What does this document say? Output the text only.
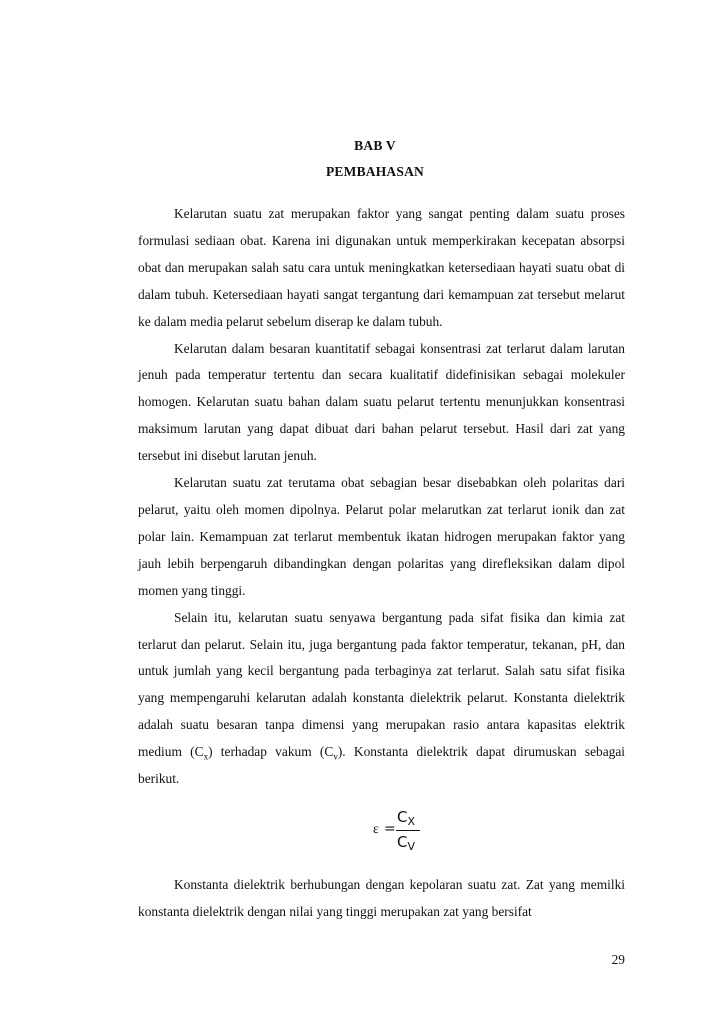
BAB V
PEMBAHASAN

Kelarutan suatu zat merupakan faktor yang sangat penting dalam suatu proses formulasi sediaan obat. Karena ini digunakan untuk memperkirakan kecepatan absorpsi obat dan merupakan salah satu cara untuk meningkatkan ketersediaan hayati suatu obat di dalam tubuh. Ketersediaan hayati sangat tergantung dari kemampuan zat tersebut melarut ke dalam media pelarut sebelum diserap ke dalam tubuh.

Kelarutan dalam besaran kuantitatif sebagai konsentrasi zat terlarut dalam larutan jenuh pada temperatur tertentu dan secara kualitatif didefinisikan sebagai molekuler homogen. Kelarutan suatu bahan dalam suatu pelarut tertentu menunjukkan konsentrasi maksimum larutan yang dapat dibuat dari bahan pelarut tersebut. Hasil dari zat yang tersebut ini disebut larutan jenuh.

Kelarutan suatu zat terutama obat sebagian besar disebabkan oleh polaritas dari pelarut, yaitu oleh momen dipolnya. Pelarut polar melarutkan zat terlarut ionik dan zat polar lain. Kemampuan zat terlarut membentuk ikatan hidrogen merupakan faktor yang jauh lebih berpengaruh dibandingkan dengan polaritas yang direfleksikan dalam dipol momen yang tinggi.

Selain itu, kelarutan suatu senyawa bergantung pada sifat fisika dan kimia zat terlarut dan pelarut. Selain itu, juga bergantung pada faktor temperatur, tekanan, pH, dan untuk jumlah yang kecil bergantung pada terbaginya zat terlarut. Salah satu sifat fisika yang mempengaruhi kelarutan adalah konstanta dielektrik pelarut. Konstanta dielektrik adalah suatu besaran tanpa dimensi yang merupakan rasio antara kapasitas elektrik medium $(C_x)$ terhadap vakum $(C_v)$. Konstanta dielektrik dapat dirumuskan sebagai berikut.

ε =
$C_X$
$C_V$

Konstanta dielektrik berhubungan dengan kepolaran suatu zat. Zat yang memilki konstanta dielektrik dengan nilai yang tinggi merupakan zat yang bersifat

29
